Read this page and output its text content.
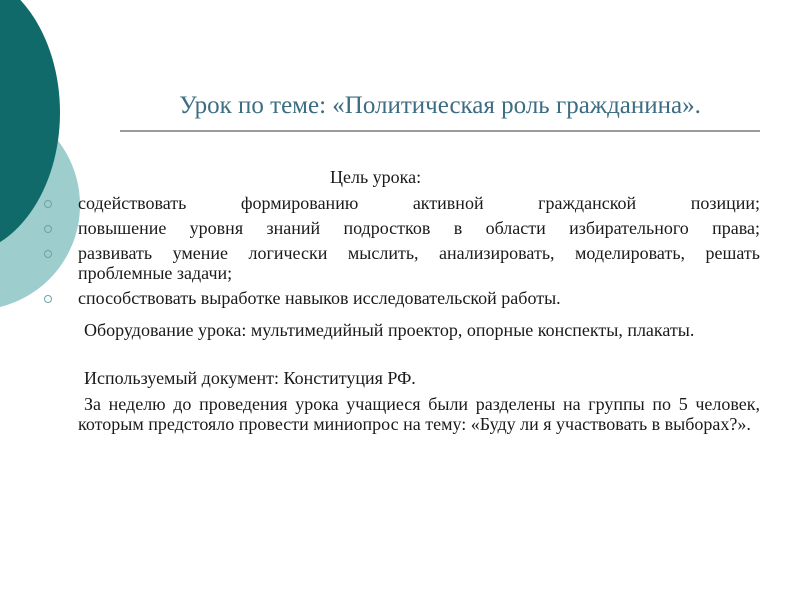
Урок по теме: «Политическая роль гражданина».
Цель урока:
содействовать формированию активной гражданской позиции;
повышение уровня знаний подростков в области избирательного права;
развивать умение логически мыслить, анализировать, моделировать, решать проблемные задачи;
способствовать выработке навыков исследовательской работы.
Оборудование урока: мультимедийный проектор, опорные конспекты, плакаты.
Используемый документ: Конституция РФ.
За неделю до проведения урока учащиеся были разделены на группы по 5 человек, которым предстояло провести миниопрос на тему: «Буду ли я участвовать в выборах?».
